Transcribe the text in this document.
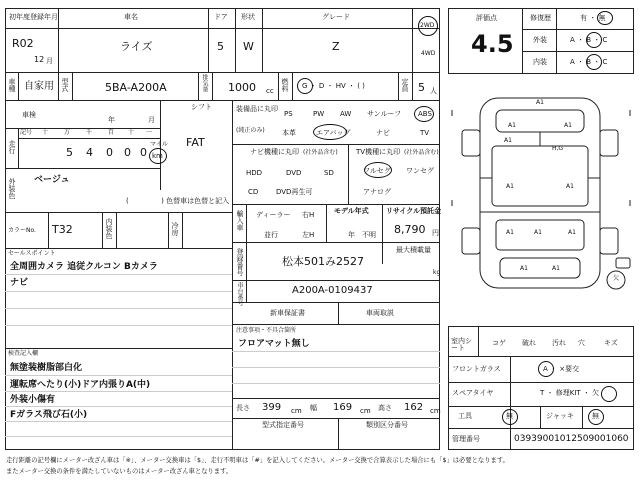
初年度登録年月	車名	ドア 形状	グレード
R02
12 月
ライズ	5 W	Z
2WD
4WD
車種 自家用 型式	5BA-A200A	排気量 1000 cc 燃料 G ・ D ・ HV ・ ( )	定員 5 人
車検
年	月
走行
記号 十	万	千	百 十 一
5 4 0 0 0
マイル
km
シフト
FAT
外装色 ベージュ
( 　　　　 ) 色替車は色替と記入
カラーNo. T32	内装色	冷房
セールスポイント
全周囲カメラ 追従クルコン Bカメラ
ナビ
検査記入欄
無塗装樹脂部白化
運転席へたり(小)ドア内張りA(中)
外装小傷有
Fガラス飛び石(小)
装備品に丸印
(純正のみ)
PS	PW AW サンルーフ ABS
本革	エアバッグ	ナビ	TV
ナビ機種に丸印 (社外品含む)
HDD	DVD	SD
CD	DVD再生可
TV機種に丸印 (社外品含む)
フルセグ ワンセグ
アナログ
輸入車 ディーラー
並行
右H
左H
モデル年式
年 不明
リサイクル預託金
8,790 円
最大積載量
kg
登録番号	松本501み2527
車台番号	A200A-0109437
新車保証書	車両取説
注意事項・不具合箇所
フロアマット無し
長さ 399 cm 幅 169 cm 高さ 162 cm
型式指定番号	類別区分番号
評価点
4.5
修復歴	有 ・ 無
外装	A ・ B ・ C
内装	A ・ B ・ C
A1
A1	A1
A1
A1	A1
A1	A1	A1
H,G
A1	A1
欠
室内シート
コゲ 破れ 汚れ 穴	キズ
フロントガラス	A ・ ×要交
スペアタイヤ	T ・ 修理KIT ・ 欠
工具	無	ジャッキ	無
管理番号	039390010125090010​60
走行距離の記号欄にメーター改ざん車は「※」、メーター交換車は「$」、走行不明車は「#」を記入してください。メーター交換で合算表示した場合にも「$」は必要となります。
またメーター交換の条件を満たしていないものはメーター改ざん車となります。
